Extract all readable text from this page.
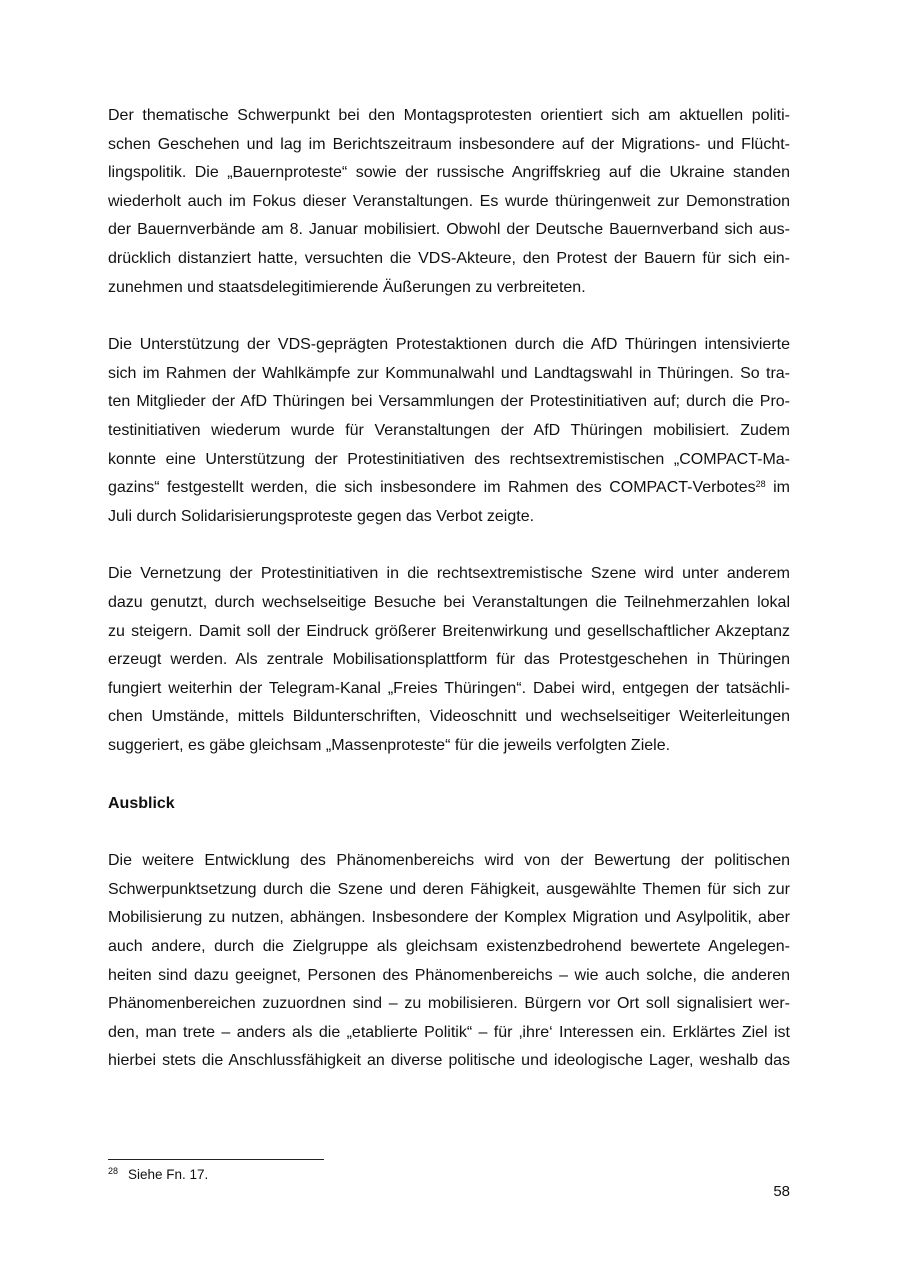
Der thematische Schwerpunkt bei den Montagsprotesten orientiert sich am aktuellen politi-
schen Geschehen und lag im Berichtszeitraum insbesondere auf der Migrations- und Flücht-
lingspolitik. Die „Bauernproteste“ sowie der russische Angriffskrieg auf die Ukraine standen
wiederholt auch im Fokus dieser Veranstaltungen. Es wurde thüringenweit zur Demonstration
der Bauernverbände am 8. Januar mobilisiert. Obwohl der Deutsche Bauernverband sich aus-
drücklich distanziert hatte, versuchten die VDS-Akteure, den Protest der Bauern für sich ein-
zunehmen und staatsdelegitimierende Äußerungen zu verbreiteten.
Die Unterstützung der VDS-geprägten Protestaktionen durch die AfD Thüringen intensivierte
sich im Rahmen der Wahlkämpfe zur Kommunalwahl und Landtagswahl in Thüringen. So tra-
ten Mitglieder der AfD Thüringen bei Versammlungen der Protestinitiativen auf; durch die Pro-
testinitiativen wiederum wurde für Veranstaltungen der AfD Thüringen mobilisiert. Zudem
konnte eine Unterstützung der Protestinitiativen des rechtsextremistischen „COMPACT-Ma-
gazins“ festgestellt werden, die sich insbesondere im Rahmen des COMPACT-Verbotes$^{28}$ im
Juli durch Solidarisierungsproteste gegen das Verbot zeigte.
Die Vernetzung der Protestinitiativen in die rechtsextremistische Szene wird unter anderem
dazu genutzt, durch wechselseitige Besuche bei Veranstaltungen die Teilnehmerzahlen lokal
zu steigern. Damit soll der Eindruck größerer Breitenwirkung und gesellschaftlicher Akzeptanz
erzeugt werden. Als zentrale Mobilisationsplattform für das Protestgeschehen in Thüringen
fungiert weiterhin der Telegram-Kanal „Freies Thüringen“. Dabei wird, entgegen der tatsächli-
chen Umstände, mittels Bildunterschriften, Videoschnitt und wechselseitiger Weiterleitungen
suggeriert, es gäbe gleichsam „Massenproteste“ für die jeweils verfolgten Ziele.
Ausblick
Die weitere Entwicklung des Phänomenbereichs wird von der Bewertung der politischen
Schwerpunktsetzung durch die Szene und deren Fähigkeit, ausgewählte Themen für sich zur
Mobilisierung zu nutzen, abhängen. Insbesondere der Komplex Migration und Asylpolitik, aber
auch andere, durch die Zielgruppe als gleichsam existenzbedrohend bewertete Angelegen-
heiten sind dazu geeignet, Personen des Phänomenbereichs – wie auch solche, die anderen
Phänomenbereichen zuzuordnen sind – zu mobilisieren. Bürgern vor Ort soll signalisiert wer-
den, man trete – anders als die „etablierte Politik“ – für ‚ihre‘ Interessen ein. Erklärtes Ziel ist
hierbei stets die Anschlussfähigkeit an diverse politische und ideologische Lager, weshalb das
$^{28}$ Siehe Fn. 17.
58
